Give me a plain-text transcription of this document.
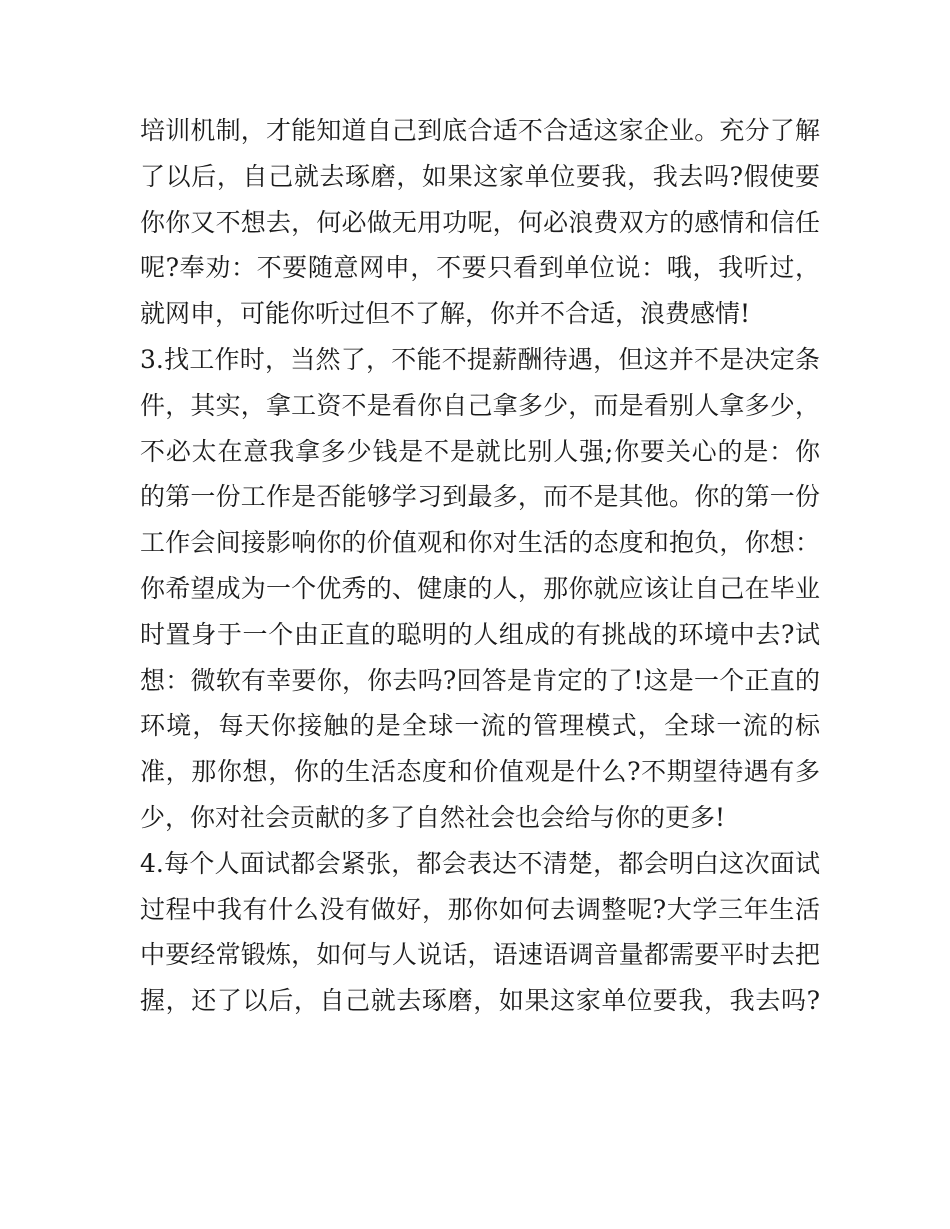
培训机制，才能知道自己到底合适不合适这家企业。充分了解
了以后，自己就去琢磨，如果这家单位要我，我去吗?假使要
你你又不想去，何必做无用功呢，何必浪费双方的感情和信任
呢?奉劝：不要随意网申，不要只看到单位说：哦，我听过，
就网申，可能你听过但不了解，你并不合适，浪费感情!
3.找工作时，当然了，不能不提薪酬待遇，但这并不是决定条
件，其实，拿工资不是看你自己拿多少，而是看别人拿多少，
不必太在意我拿多少钱是不是就比别人强;你要关心的是：你
的第一份工作是否能够学习到最多，而不是其他。你的第一份
工作会间接影响你的价值观和你对生活的态度和抱负，你想：
你希望成为一个优秀的、健康的人，那你就应该让自己在毕业
时置身于一个由正直的聪明的人组成的有挑战的环境中去?试
想：微软有幸要你，你去吗?回答是肯定的了!这是一个正直的
环境，每天你接触的是全球一流的管理模式，全球一流的标
准，那你想，你的生活态度和价值观是什么?不期望待遇有多
少，你对社会贡献的多了自然社会也会给与你的更多!
4.每个人面试都会紧张，都会表达不清楚，都会明白这次面试
过程中我有什么没有做好，那你如何去调整呢?大学三年生活
中要经常锻炼，如何与人说话，语速语调音量都需要平时去把
握，还了以后，自己就去琢磨，如果这家单位要我，我去吗?
